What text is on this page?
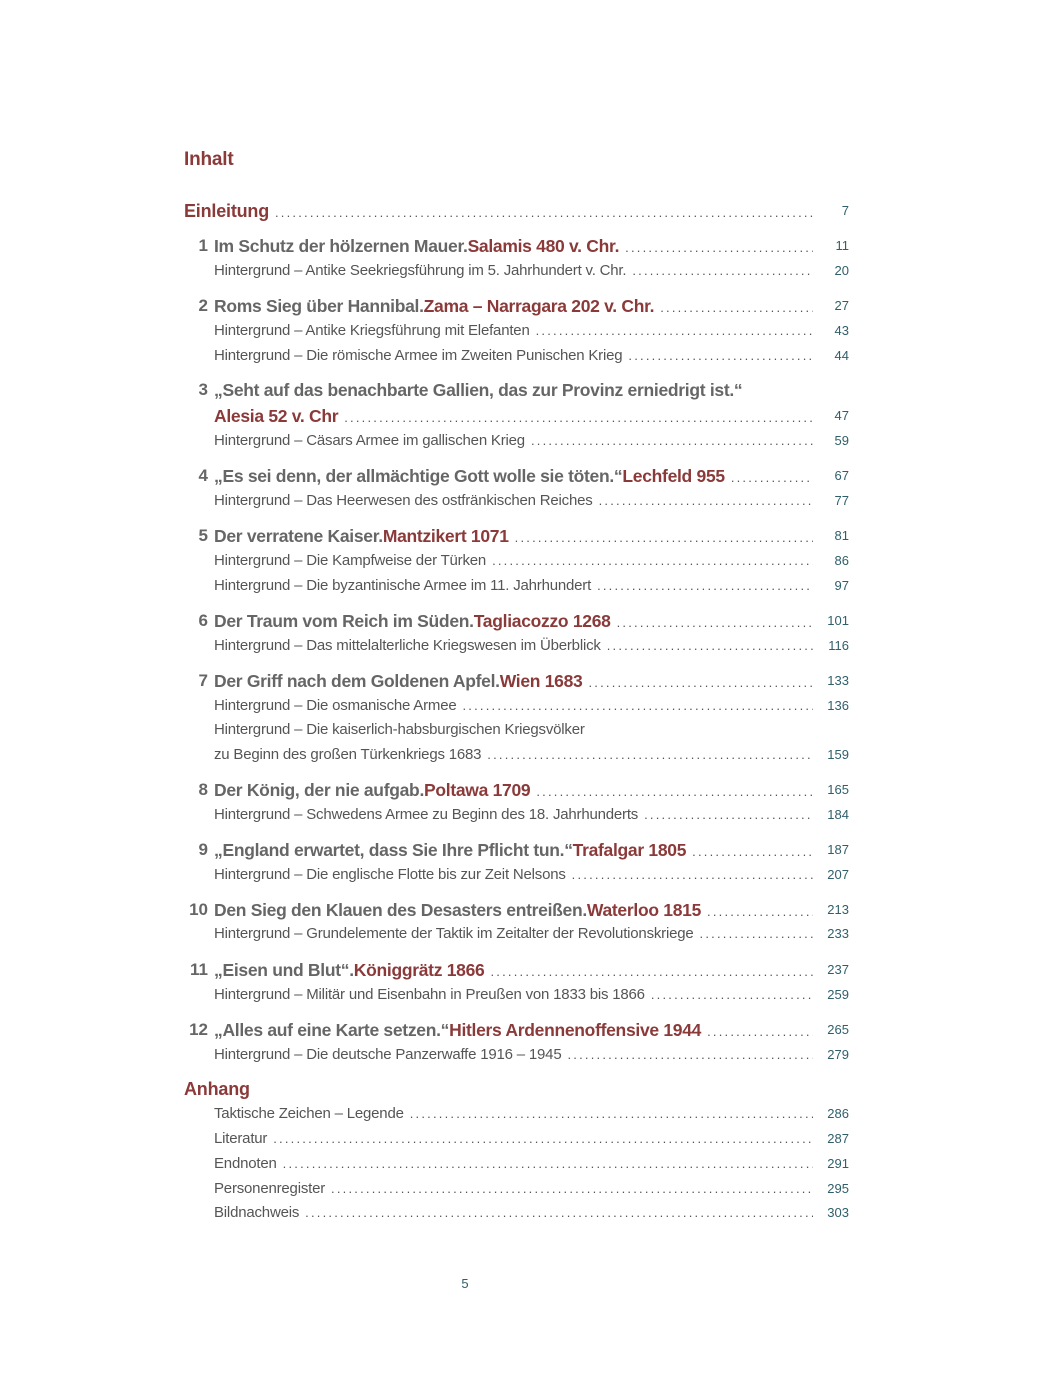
Inhalt
Einleitung .....	7
1 Im Schutz der hölzernen Mauer. Salamis 480 v. Chr. .....	11
Hintergrund – Antike Seekriegsführung im 5. Jahrhundert v. Chr. .....	20
2 Roms Sieg über Hannibal. Zama – Narragara 202 v. Chr. .....	27
Hintergrund – Antike Kriegsführung mit Elefanten .....	43
Hintergrund – Die römische Armee im Zweiten Punischen Krieg .....	44
3 „Seht auf das benachbarte Gallien, das zur Provinz erniedrigt ist.“
Alesia 52 v. Chr .....	47
Hintergrund – Cäsars Armee im gallischen Krieg .....	59
4 „Es sei denn, der allmächtige Gott wolle sie töten.“ Lechfeld 955 .....	67
Hintergrund – Das Heerwesen des ostfränkischen Reiches .....	77
5 Der verratene Kaiser. Mantzikert 1071 .....	81
Hintergrund – Die Kampfweise der Türken .....	86
Hintergrund – Die byzantinische Armee im 11. Jahrhundert .....	97
6 Der Traum vom Reich im Süden. Tagliacozzo 1268 .....	101
Hintergrund – Das mittelalterliche Kriegswesen im Überblick .....	116
7 Der Griff nach dem Goldenen Apfel. Wien 1683 .....	133
Hintergrund – Die osmanische Armee .....	136
Hintergrund – Die kaiserlich-habsburgischen Kriegsvölker
zu Beginn des großen Türkenkriegs 1683 .....	159
8 Der König, der nie aufgab. Poltawa 1709 .....	165
Hintergrund – Schwedens Armee zu Beginn des 18. Jahrhunderts .....	184
9 „England erwartet, dass Sie Ihre Pflicht tun.“ Trafalgar 1805 .....	187
Hintergrund – Die englische Flotte bis zur Zeit Nelsons .....	207
10 Den Sieg den Klauen des Desasters entreißen. Waterloo 1815 .....	213
Hintergrund – Grundelemente der Taktik im Zeitalter der Revolutionskriege .....	233
11 „Eisen und Blut“. Königgrätz 1866 .....	237
Hintergrund – Militär und Eisenbahn in Preußen von 1833 bis 1866 .....	259
12 „Alles auf eine Karte setzen.“ Hitlers Ardennenoffensive 1944 .....	265
Hintergrund – Die deutsche Panzerwaffe 1916 – 1945 .....	279
Anhang
Taktische Zeichen – Legende .....	286
Literatur .....	287
Endnoten .....	291
Personenregister .....	295
Bildnachweis .....	303
5
